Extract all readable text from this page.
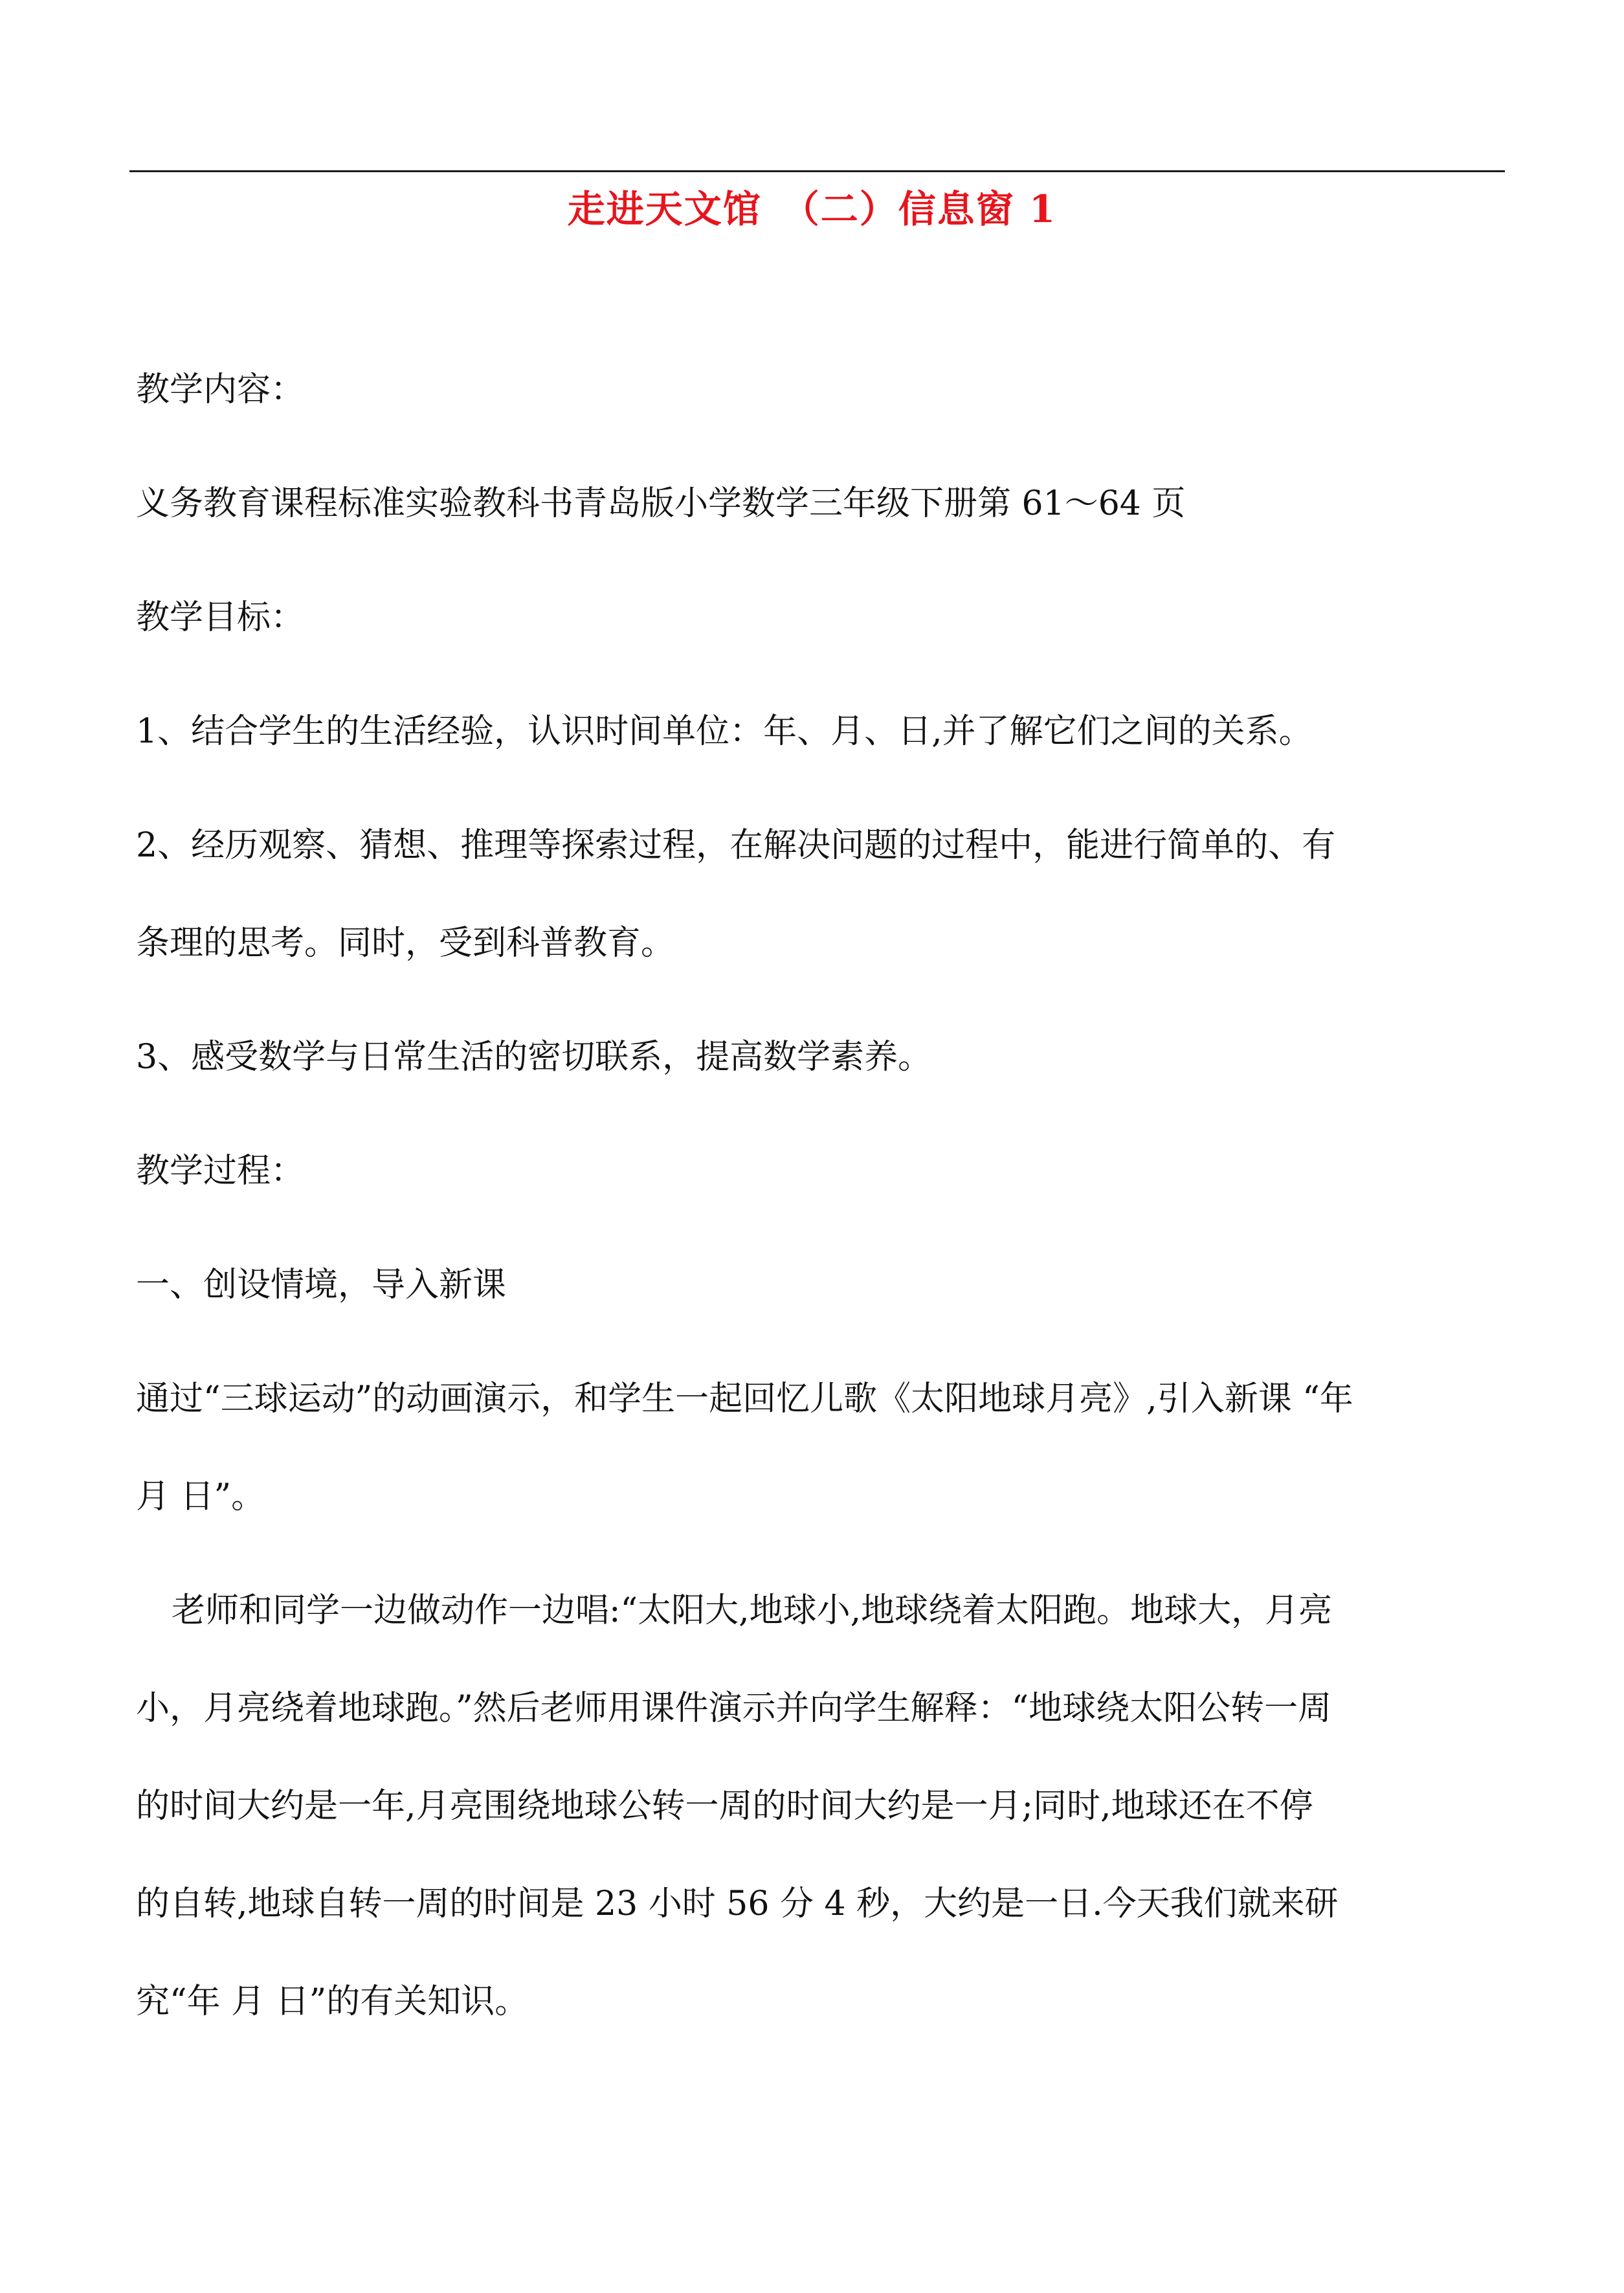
走进天文馆　（二）信息窗 1
教学内容：
义务教育课程标准实验教科书青岛版小学数学三年级下册第 61～64 页
教学目标：
1、结合学生的生活经验，认识时间单位：年、月、日,并了解它们之间的关系。
2、经历观察、猜想、推理等探索过程，在解决问题的过程中，能进行简单的、有
条理的思考。同时，受到科普教育。
3、感受数学与日常生活的密切联系，提高数学素养。
教学过程：
一、创设情境，导入新课
通过“三球运动”的动画演示，和学生一起回忆儿歌《太阳地球月亮》,引入新课 “年
月 日”。
老师和同学一边做动作一边唱:“太阳大,地球小,地球绕着太阳跑。地球大，月亮
小，月亮绕着地球跑。”然后老师用课件演示并向学生解释：“地球绕太阳公转一周
的时间大约是一年,月亮围绕地球公转一周的时间大约是一月;同时,地球还在不停
的自转,地球自转一周的时间是 23 小时 56 分 4 秒，大约是一日.今天我们就来研
究“年 月 日”的有关知识。
